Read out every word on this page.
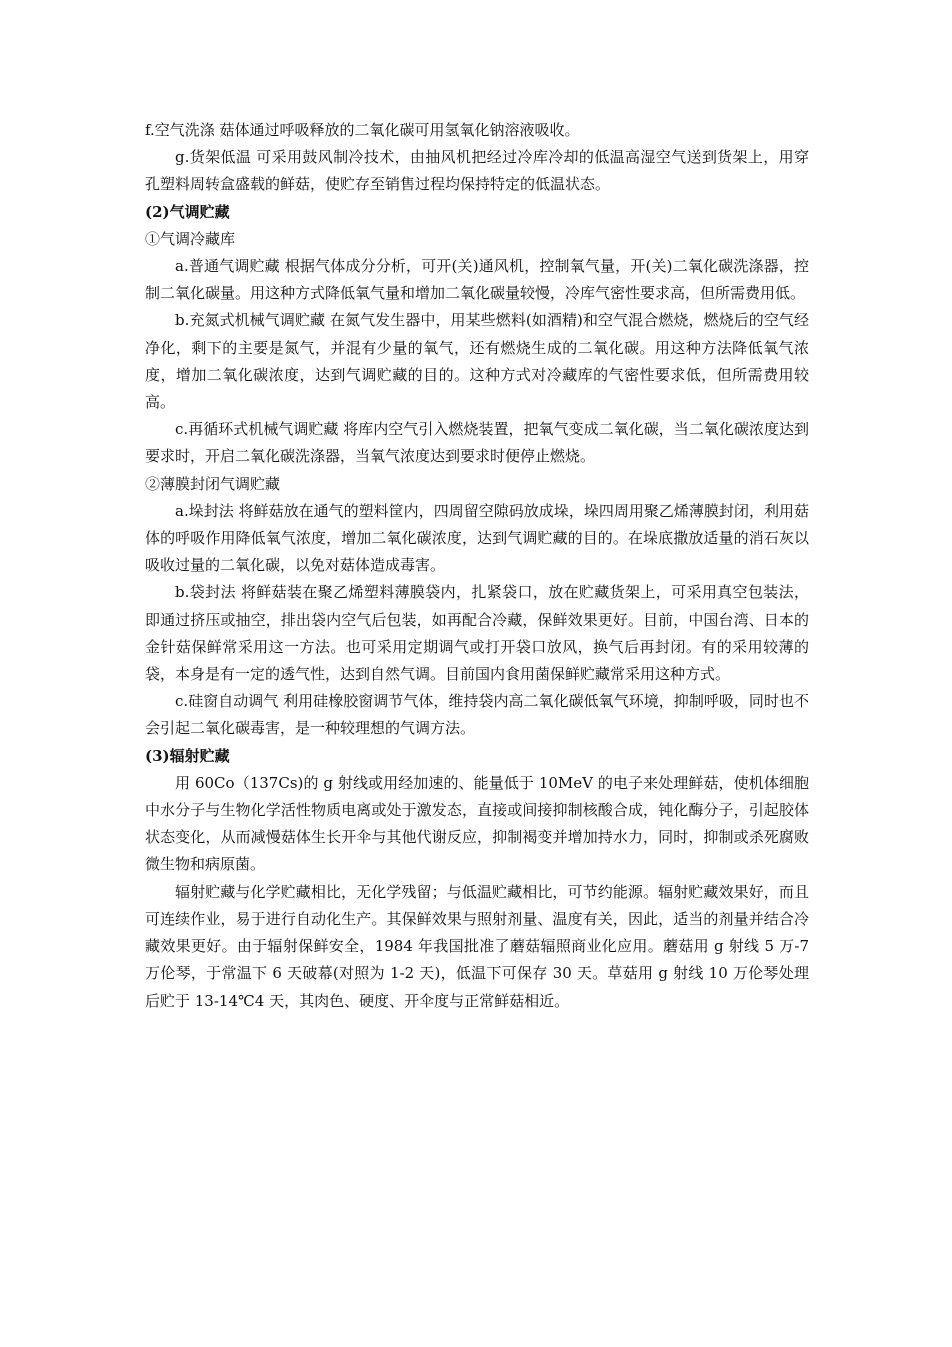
f.空气洗涤 菇体通过呼吸释放的二氧化碳可用氢氧化钠溶液吸收。

g.货架低温 可采用鼓风制冷技术，由抽风机把经过冷库冷却的低温高湿空气送到货架上，用穿孔塑料周转盒盛载的鲜菇，使贮存至销售过程均保持特定的低温状态。

(2)气调贮藏

①气调冷藏库

a.普通气调贮藏 根据气体成分分析，可开(关)通风机，控制氧气量，开(关)二氧化碳洗涤器，控制二氧化碳量。用这种方式降低氧气量和增加二氧化碳量较慢，冷库气密性要求高，但所需费用低。

b.充氮式机械气调贮藏 在氮气发生器中，用某些燃料(如酒精)和空气混合燃烧，燃烧后的空气经净化，剩下的主要是氮气，并混有少量的氧气，还有燃烧生成的二氧化碳。用这种方法降低氧气浓度，增加二氧化碳浓度，达到气调贮藏的目的。这种方式对冷藏库的气密性要求低，但所需费用较高。

c.再循环式机械气调贮藏 将库内空气引入燃烧装置，把氧气变成二氧化碳，当二氧化碳浓度达到要求时，开启二氧化碳洗涤器，当氧气浓度达到要求时便停止燃烧。

②薄膜封闭气调贮藏

a.垛封法 将鲜菇放在通气的塑料筐内，四周留空隙码放成垛，垛四周用聚乙烯薄膜封闭，利用菇体的呼吸作用降低氧气浓度，增加二氧化碳浓度，达到气调贮藏的目的。在垛底撒放适量的消石灰以吸收过量的二氧化碳，以免对菇体造成毒害。

b.袋封法 将鲜菇装在聚乙烯塑料薄膜袋内，扎紧袋口，放在贮藏货架上，可采用真空包装法，即通过挤压或抽空，排出袋内空气后包装，如再配合冷藏，保鲜效果更好。目前，中国台湾、日本的金针菇保鲜常采用这一方法。也可采用定期调气或打开袋口放风，换气后再封闭。有的采用较薄的袋，本身是有一定的透气性，达到自然气调。目前国内食用菌保鲜贮藏常采用这种方式。

c.硅窗自动调气 利用硅橡胶窗调节气体，维持袋内高二氧化碳低氧气环境，抑制呼吸，同时也不会引起二氧化碳毒害，是一种较理想的气调方法。

(3)辐射贮藏

用 60Co（137Cs)的 g 射线或用经加速的、能量低于 10MeV 的电子来处理鲜菇，使机体细胞中水分子与生物化学活性物质电离或处于激发态，直接或间接抑制核酸合成，钝化酶分子，引起胶体状态变化，从而减慢菇体生长开伞与其他代谢反应，抑制褐变并增加持水力，同时，抑制或杀死腐败微生物和病原菌。

辐射贮藏与化学贮藏相比，无化学残留；与低温贮藏相比，可节约能源。辐射贮藏效果好，而且可连续作业，易于进行自动化生产。其保鲜效果与照射剂量、温度有关，因此，适当的剂量并结合冷藏效果更好。由于辐射保鲜安全，1984 年我国批准了蘑菇辐照商业化应用。蘑菇用 g 射线 5 万-7 万伦琴，于常温下 6 天破幕(对照为 1-2 天)，低温下可保存 30 天。草菇用 g 射线 10 万伦琴处理后贮于 13-14℃4 天，其肉色、硬度、开伞度与正常鲜菇相近。
